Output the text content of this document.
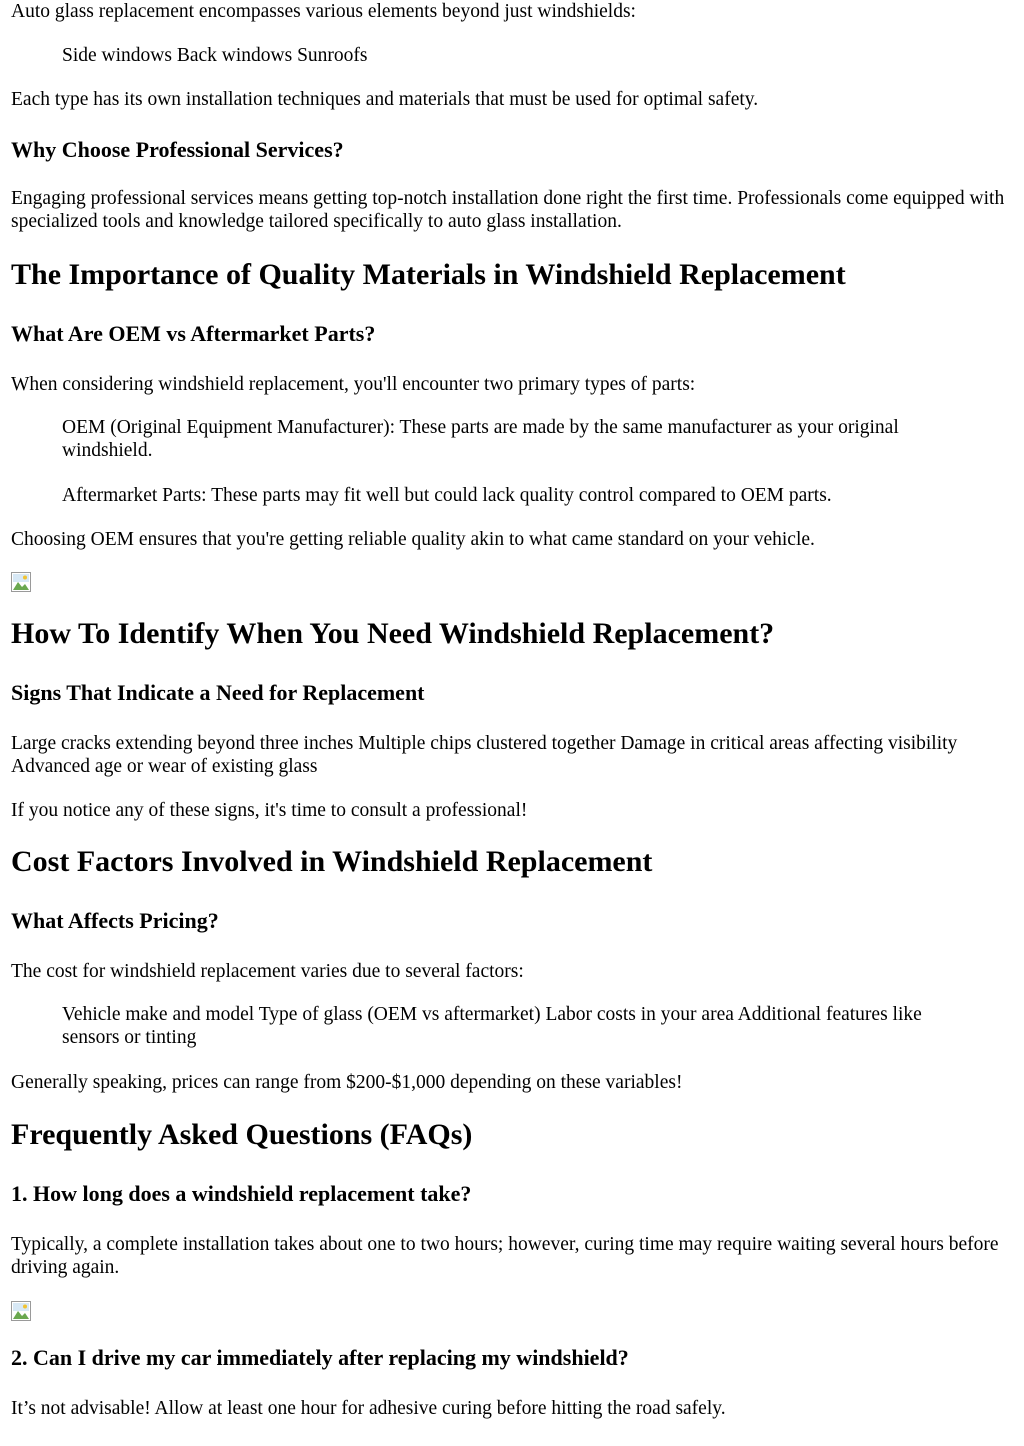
Auto glass replacement encompasses various elements beyond just windshields:

Side windows Back windows Sunroofs

Each type has its own installation techniques and materials that must be used for optimal safety.

Why Choose Professional Services?

Engaging professional services means getting top-notch installation done right the first time. Professionals come equipped with specialized tools and knowledge tailored specifically to auto glass installation.

The Importance of Quality Materials in Windshield Replacement
What Are OEM vs Aftermarket Parts?

When considering windshield replacement, you'll encounter two primary types of parts:

OEM (Original Equipment Manufacturer): These parts are made by the same manufacturer as your original windshield.
Aftermarket Parts: These parts may fit well but could lack quality control compared to OEM parts.

Choosing OEM ensures that you're getting reliable quality akin to what came standard on your vehicle.

How To Identify When You Need Windshield Replacement?
Signs That Indicate a Need for Replacement

Large cracks extending beyond three inches Multiple chips clustered together Damage in critical areas affecting visibility Advanced age or wear of existing glass

If you notice any of these signs, it's time to consult a professional!

Cost Factors Involved in Windshield Replacement
What Affects Pricing?

The cost for windshield replacement varies due to several factors:

Vehicle make and model Type of glass (OEM vs aftermarket) Labor costs in your area Additional features like sensors or tinting

Generally speaking, prices can range from $200-$1,000 depending on these variables!

Frequently Asked Questions (FAQs)
1. How long does a windshield replacement take?

Typically, a complete installation takes about one to two hours; however, curing time may require waiting several hours before driving again.

2. Can I drive my car immediately after replacing my windshield?

It’s not advisable! Allow at least one hour for adhesive curing before hitting the road safely.
